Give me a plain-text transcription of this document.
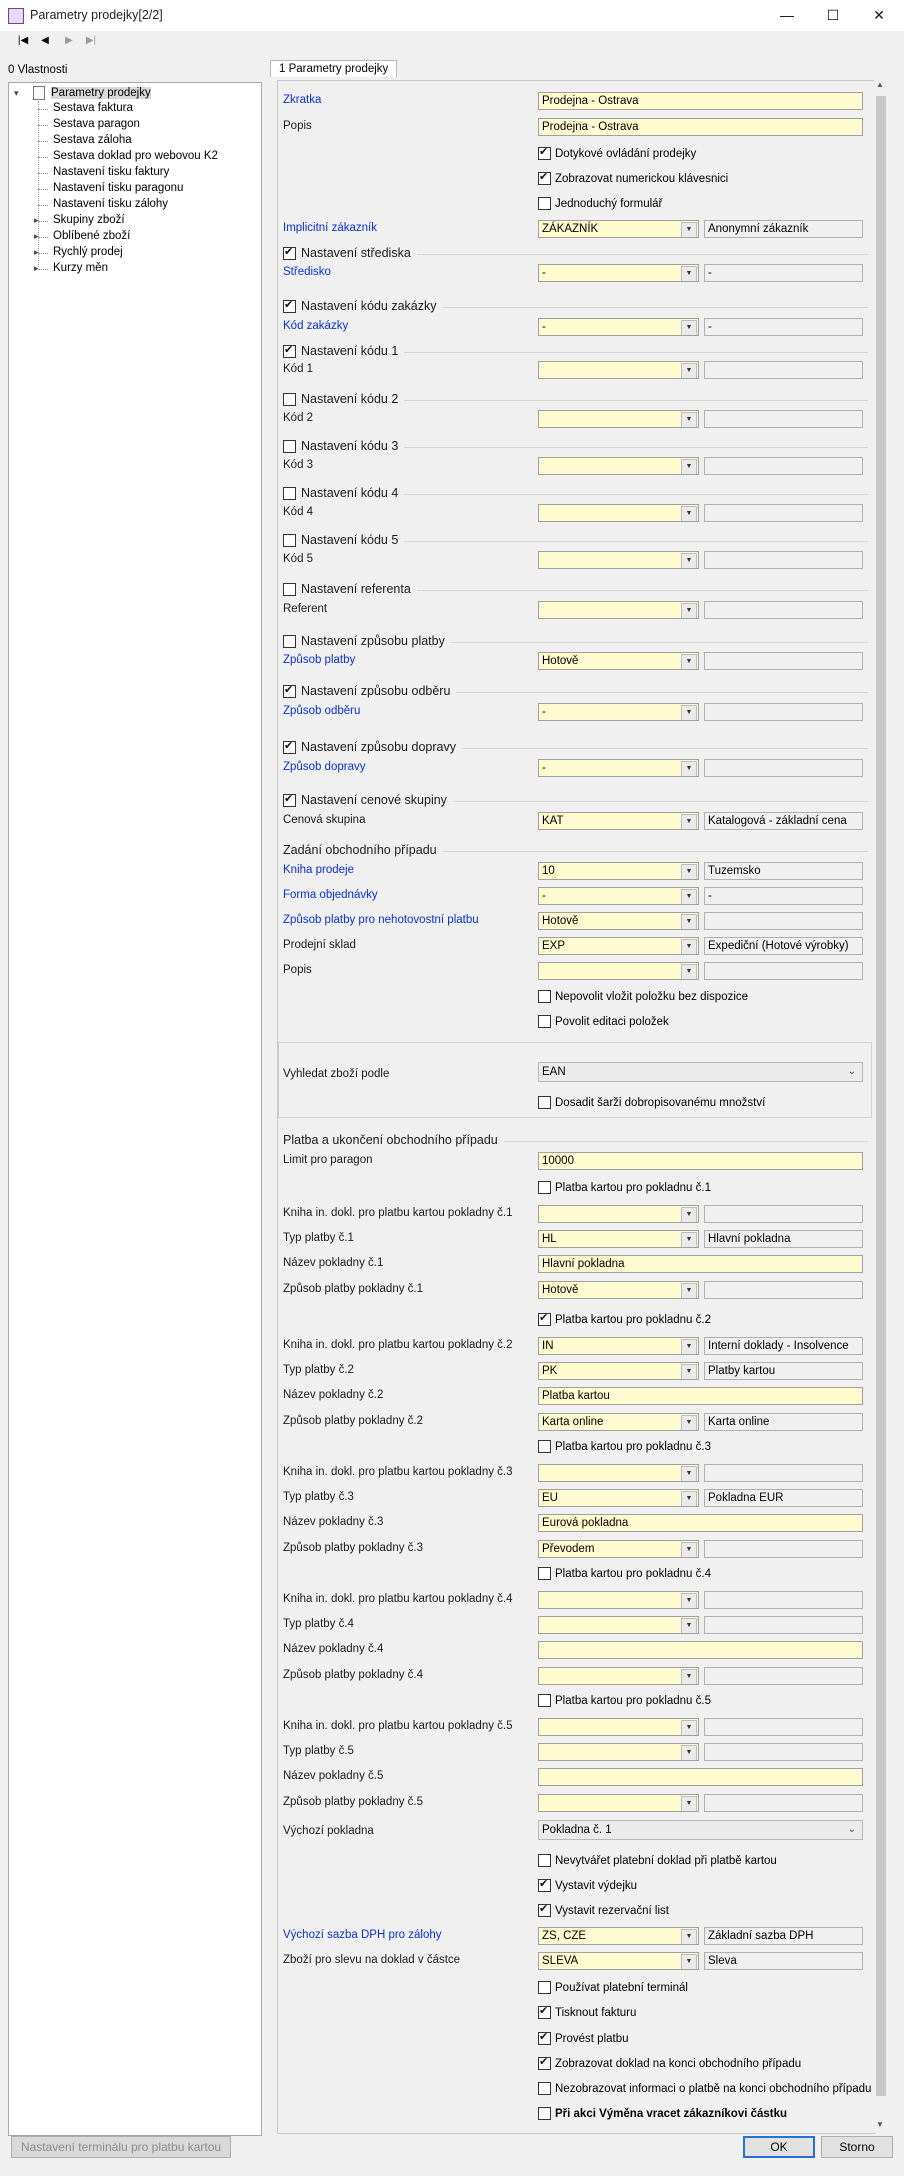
Parametry prodejky[2/2]	—	☐	✕
|◀	◀	▶	▶|
0 Vlastnosti	1 Parametry prodejky
▾	Parametry prodejky
Sestava faktura
Sestava paragon
Sestava záloha
Sestava doklad pro webovou K2
Nastavení tisku faktury
Nastavení tisku paragonu
Nastavení tisku zálohy
▸ Skupiny zboží
▸ Oblíbené zboží
▸ Rychlý prodej
▸ Kurzy měn
▲
▼
Zkratka	Prodejna - Ostrava
Popis	Prodejna - Ostrava
✔
Dotykové ovládání prodejky
✔
Zobrazovat numerickou klávesnici
Jednoduchý formulář
Implicitní zákazník	ZÁKAZNÍK	▼	Anonymní zákazník
✔
Nastavení střediska
Středisko	-	▼	-
✔
Nastavení kódu zakázky
Kód zakázky	-	▼	-
✔
Nastavení kódu 1
Kód 1	▼
Nastavení kódu 2
Kód 2	▼
Nastavení kódu 3
Kód 3	▼
Nastavení kódu 4
Kód 4	▼
Nastavení kódu 5
Kód 5	▼
Nastavení referenta
Referent	▼
Nastavení způsobu platby
Způsob platby	Hotově	▼
✔
Nastavení způsobu odběru
Způsob odběru	-	▼
✔
Nastavení způsobu dopravy
Způsob dopravy	-	▼
✔
Nastavení cenové skupiny
Cenová skupina	KAT	▼	Katalogová - základní cena
Zadání obchodního případu
Kniha prodeje	10	▼	Tuzemsko
Forma objednávky	-	▼	-
Způsob platby pro nehotovostní platbu	Hotově	▼
Prodejní sklad	EXP	▼	Expediční (Hotové výrobky)
Popis	▼
Nepovolit vložit položku bez dispozice
Povolit editaci položek
Vyhledat zboží podle	EAN	⌄
Dosadit šarži dobropisovanému množství
Platba a ukončení obchodního případu
Limit pro paragon	10000
Platba kartou pro pokladnu č.1
Kniha in. dokl. pro platbu kartou pokladny č.1	▼
Typ platby č.1	HL	▼	Hlavní pokladna
Název pokladny č.1	Hlavní pokladna
Způsob platby pokladny č.1	Hotově	▼
✔
Platba kartou pro pokladnu č.2
Kniha in. dokl. pro platbu kartou pokladny č.2	IN	▼	Interní doklady - Insolvence
Typ platby č.2	PK	▼	Platby kartou
Název pokladny č.2	Platba kartou
Způsob platby pokladny č.2	Karta online	▼	Karta online
Platba kartou pro pokladnu č.3
Kniha in. dokl. pro platbu kartou pokladny č.3	▼
Typ platby č.3	EU	▼	Pokladna EUR
Název pokladny č.3	Eurová pokladna
Způsob platby pokladny č.3	Převodem	▼
Platba kartou pro pokladnu č.4
Kniha in. dokl. pro platbu kartou pokladny č.4	▼
Typ platby č.4	▼
Název pokladny č.4
Způsob platby pokladny č.4	▼
Platba kartou pro pokladnu č.5
Kniha in. dokl. pro platbu kartou pokladny č.5	▼
Typ platby č.5	▼
Název pokladny č.5
Způsob platby pokladny č.5	▼
Výchozí pokladna	Pokladna č. 1	⌄
Nevytvářet platební doklad při platbě kartou
✔
Vystavit výdejku
✔
Vystavit rezervační list
Výchozí sazba DPH pro zálohy	ZS, CZE	▼	Základní sazba DPH
Zboží pro slevu na doklad v částce	SLEVA	▼	Sleva
Používat platební terminál
✔
Tisknout fakturu
✔
Provést platbu
✔
Zobrazovat doklad na konci obchodního případu
Nezobrazovat informaci o platbě na konci obchodního případu
Při akci Výměna vracet zákazníkovi částku
Nastavení terminálu pro platbu kartou	OK	Storno
